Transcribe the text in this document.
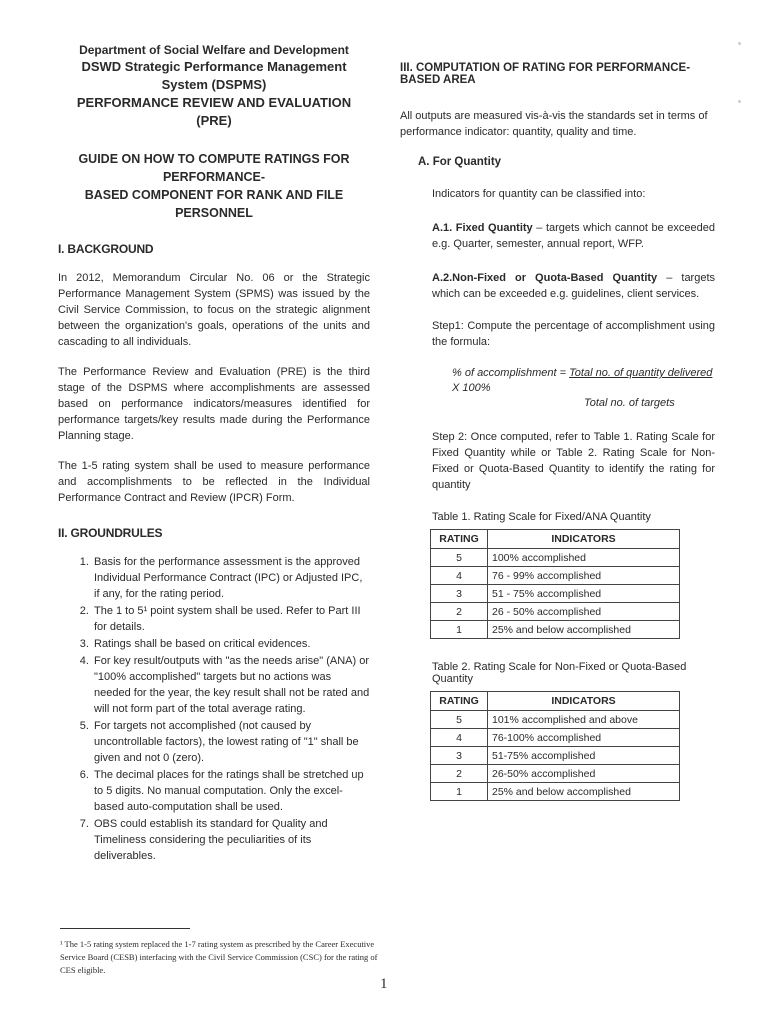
Department of Social Welfare and Development
DSWD Strategic Performance Management System (DSPMS)
PERFORMANCE REVIEW AND EVALUATION (PRE)
GUIDE ON HOW TO COMPUTE RATINGS FOR PERFORMANCE-
BASED COMPONENT FOR RANK AND FILE PERSONNEL
I. BACKGROUND

In 2012, Memorandum Circular No. 06 or the Strategic Performance Management System (SPMS) was issued by the Civil Service Commission, to focus on the strategic alignment between the organization's goals, operations of the units and cascading to all individuals.

The Performance Review and Evaluation (PRE) is the third stage of the DSPMS where accomplishments are assessed based on performance indicators/measures identified for performance targets/key results made during the Performance Planning stage.

The 1-5 rating system shall be used to measure performance and accomplishments to be reflected in the Individual Performance Contract and Review (IPCR) Form.

II. GROUNDRULES
1. Basis for the performance assessment is the approved Individual Performance Contract (IPC) or Adjusted IPC, if any, for the rating period.
2. The 1 to 5¹ point system shall be used. Refer to Part III for details.
3. Ratings shall be based on critical evidences.
4. For key result/outputs with "as the needs arise" (ANA) or "100% accomplished" targets but no actions was needed for the year, the key result shall not be rated and will not form part of the total average rating.
5. For targets not accomplished (not caused by uncontrollable factors), the lowest rating of "1" shall be given and not 0 (zero).
6. The decimal places for the ratings shall be stretched up to 5 digits. No manual computation. Only the excel-based auto-computation shall be used.
7. OBS could establish its standard for Quality and Timeliness considering the peculiarities of its deliverables.
¹ The 1-5 rating system replaced the 1-7 rating system as prescribed by the Career Executive Service Board (CESB) interfacing with the Civil Service Commission (CSC) for the rating of CES eligible.
1
III. COMPUTATION OF RATING FOR PERFORMANCE-BASED AREA

All outputs are measured vis-à-vis the standards set in terms of performance indicator: quantity, quality and time.

A. For Quantity

Indicators for quantity can be classified into:

A.1. Fixed Quantity – targets which cannot be exceeded e.g. Quarter, semester, annual report, WFP.

A.2.Non-Fixed or Quota-Based Quantity – targets which can be exceeded e.g. guidelines, client services.

Step1: Compute the percentage of accomplishment using the formula:

% of accomplishment = Total no. of quantity delivered X 100%
Total no. of targets

Step 2: Once computed, refer to Table 1. Rating Scale for Fixed Quantity while or Table 2. Rating Scale for Non-Fixed or Quota-Based Quantity to identify the rating for quantity

Table 1. Rating Scale for Fixed/ANA Quantity
RATING	INDICATORS
5	100% accomplished
4	76 - 99% accomplished
3	51 - 75% accomplished
2	26 - 50% accomplished
1	25% and below accomplished
Table 2. Rating Scale for Non-Fixed or Quota-Based Quantity
RATING	INDICATORS
5	101% accomplished and above
4	76-100% accomplished
3	51-75% accomplished
2	26-50% accomplished
1	25% and below accomplished
